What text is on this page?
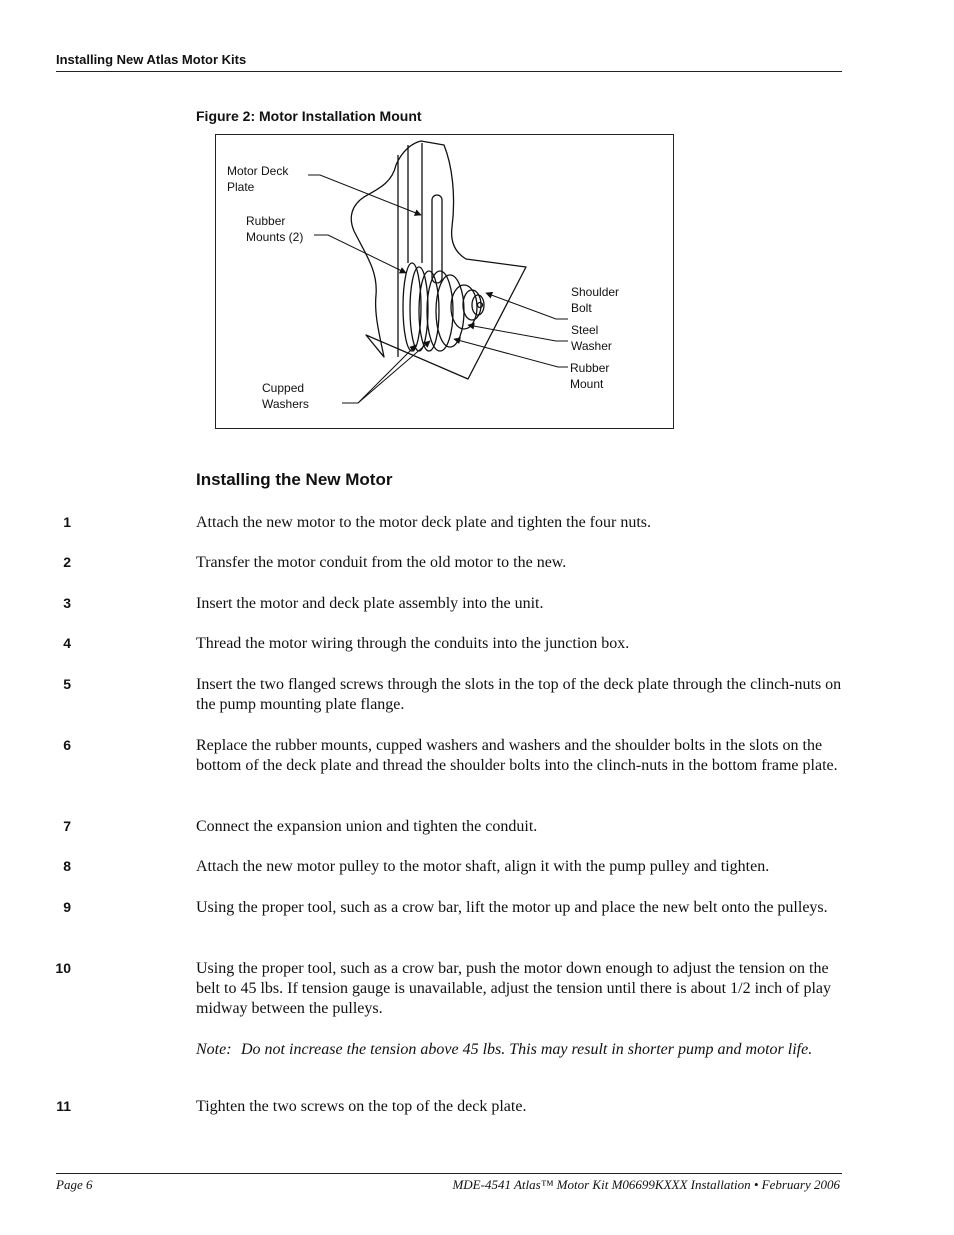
Installing New Atlas Motor Kits
Figure 2: Motor Installation Mount
Motor Deck
Plate
Rubber
Mounts (2)
Cupped
Washers
Shoulder
Bolt
Steel
Washer
Rubber
Mount
Installing the New Motor
1	Attach the new motor to the motor deck plate and tighten the four nuts.
2	Transfer the motor conduit from the old motor to the new.
3	Insert the motor and deck plate assembly into the unit.
4	Thread the motor wiring through the conduits into the junction box.
5	Insert the two flanged screws through the slots in the top of the deck plate through the clinch-nuts on the pump mounting plate flange.
6	Replace the rubber mounts, cupped washers and washers and the shoulder bolts in the slots on the bottom of the deck plate and thread the shoulder bolts into the clinch-nuts in the bottom frame plate.
7	Connect the expansion union and tighten the conduit.
8	Attach the new motor pulley to the motor shaft, align it with the pump pulley and tighten.
9	Using the proper tool, such as a crow bar, lift the motor up and place the new belt onto the pulleys.
10	Using the proper tool, such as a crow bar, push the motor down enough to adjust the tension on the belt to 45 lbs. If tension gauge is unavailable, adjust the tension until there is about 1/2 inch of play midway between the pulleys.
Note: Do not increase the tension above 45 lbs. This may result in shorter pump and motor life.
11	Tighten the two screws on the top of the deck plate.
Page 6	MDE-4541 Atlas™ Motor Kit M06699KXXX Installation • February 2006
